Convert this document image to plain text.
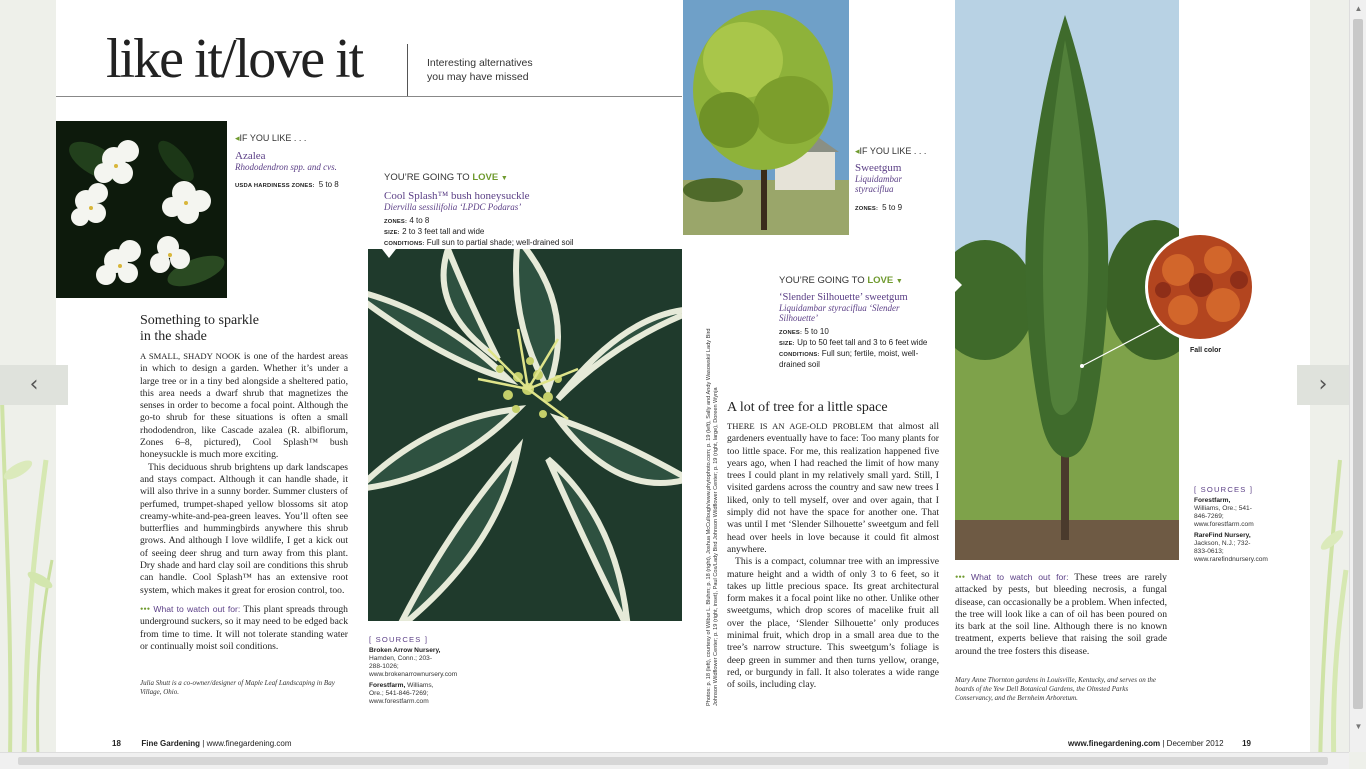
like it/love it	Interesting alternatives
you may have missed
◂IF YOU LIKE . . .
Azalea
Rhododendron spp. and cvs.
USDA HARDINESS ZONES: 5 to 8
YOU’RE GOING TO LOVE ▼
Cool Splash™ bush honeysuckle
Diervilla sessilifolia ‘LPDC Podaras’
ZONES: 4 to 8
SIZE: 2 to 3 feet tall and wide
CONDITIONS: Full sun to partial shade; well-drained soil
Something to sparkle
in the shade

A SMALL, SHADY NOOK is one of the hardest areas in which to design a garden. Whether it’s under a large tree or in a tiny bed alongside a sheltered patio, this area needs a dwarf shrub that magnetizes the senses in order to become a focal point. Although the go-to shrub for these situations is often a small rhododendron, like Cascade azalea (R. albiflorum, Zones 6–8, pictured), Cool Splash™ bush honeysuckle is much more exciting.

This deciduous shrub brightens up dark landscapes and stays compact. Although it can handle shade, it will also thrive in a sunny border. Summer clusters of perfumed, trumpet-shaped yellow blossoms sit atop creamy-white-and-pea-green leaves. You’ll often see butterflies and hummingbirds anywhere this shrub grows. And although I love wildlife, I get a kick out of seeing deer shrug and turn away from this plant. Dry shade and hard clay soil are conditions this shrub can handle. Cool Splash™ has an extensive root system, which makes it great for erosion control, too.

••• What to watch out for: This plant spreads through underground suckers, so it may need to be edged back from time to time. It will not tolerate standing water or continually moist soil conditions.

Julia Shutt is a co-owner/designer of Maple Leaf Landscaping in Bay Village, Ohio.
[ SOURCES ]
Broken Arrow Nursery, Hamden, Conn.; 203-288-1026; www.brokenarrownursery.com
Forestfarm, Williams, Ore.; 541-846-7269; www.forestfarm.com
18	Fine Gardening | www.finegardening.com
◂IF YOU LIKE . . .
Sweetgum
Liquidambar
styraciflua
ZONES: 5 to 9
YOU’RE GOING TO LOVE ▼
‘Slender Silhouette’ sweetgum
Liquidambar styraciflua ‘Slender Silhouette’
ZONES: 5 to 10
SIZE: Up to 50 feet tall and 3 to 6 feet wide
CONDITIONS: Full sun; fertile, moist, well-drained soil
Photos: p. 18 (left), courtesy of Wilbur L. Bluhm; p. 18 (right), Joshua McCullough/www.phytophoto.com; p. 19 (left), Sally and Andy Wasowski/ Lady Bird Johnson Wildflower Center; p. 19 (right, inset), Paul Cox/Lady Bird Johnson Wildflower Center; p. 19 (right, large), Doreen Wynja A lot of tree for a little space

THERE IS AN AGE-OLD PROBLEM that almost all gardeners eventually have to face: Too many plants for too little space. For me, this realization happened five years ago, when I had reached the limit of how many trees I could plant in my relatively small yard. Still, I visited gardens across the country and saw new trees I liked, only to tell myself, over and over again, that I simply did not have the space for another one. That was until I met ‘Slender Silhouette’ sweetgum and fell head over heels in love because it could fit almost anywhere.

This is a compact, columnar tree with an impressive mature height and a width of only 3 to 6 feet, so it takes up little precious space. Its great architectural form makes it a focal point like no other. Unlike other sweetgums, which drop scores of macelike fruit all over the place, ‘Slender Silhouette’ only produces minimal fruit, which drop in a small area due to the tree’s narrow structure. This sweetgum’s foliage is deep green in summer and then turns yellow, orange, red, or burgundy in fall. It also tolerates a wide range of soils, including clay.

Fall color
[ SOURCES ]
Forestfarm, Williams, Ore.; 541-846-7269; www.forestfarm.com
RareFind Nursery, Jackson, N.J.; 732-833-0613; www.rarefindnursery.com

••• What to watch out for: These trees are rarely attacked by pests, but bleeding necrosis, a fungal disease, can occasionally be a problem. When infected, the tree will look like a can of oil has been poured on its bark at the soil line. Although there is no known treatment, experts believe that raising the soil grade around the tree fosters this disease.

Mary Anne Thornton gardens in Louisville, Kentucky, and serves on the boards of the Yew Dell Botanical Gardens, the Olmsted Parks Conservancy, and the Bernheim Arboretum.
www.finegardening.com | December 2012 19
‹	›
▲
▼
